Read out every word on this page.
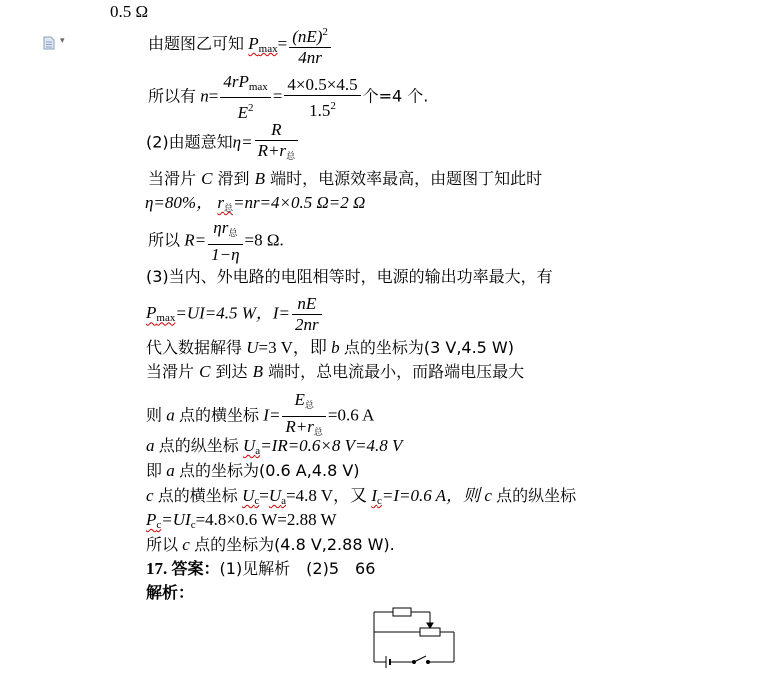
0.5 Ω
▾	由题图乙可知 $P_{max}= \frac{(nE)^2}{4nr}$
所以有 $n= \frac{4rP_{max}}{E^2} = \frac{4\times 0.5\times 4.5}{1.5^2}$ 个=4 个.
(2)由题意知$\eta= \frac{R}{R+r_总}$
当滑片 C 滑到 B 端时，电源效率最高，由题图丁知此时
η=80%， $r_总=nr=4\times 0.5$ Ω=2 Ω
所以 $R= \frac{\eta r_总}{1-\eta} =8$ Ω.
(3)当内、外电路的电阻相等时，电源的输出功率最大，有
$P_{max}=UI=4.5$ W，$I= \frac{nE}{2nr}$
代入数据解得 U=3 V，即 b 点的坐标为(3 V,4.5 W)
当滑片 C 到达 B 端时，总电流最小，而路端电压最大
则 a 点的横坐标 $I= \frac{E_总}{R+r_总} =0.6$ A
a 点的纵坐标 $U_a=IR=0.6\times 8$ V=4.8 V
即 a 点的坐标为(0.6 A,4.8 V)
c 点的横坐标 $U_c=U_a=4.8$ V，又 $I_c=I=0.6$ A，则 c 点的纵坐标
$P_c=UI_c=4.8\times 0.6$ W=2.88 W
所以 c 点的坐标为(4.8 V,2.88 W).
17. 答案：(1)见解析　(2)5　66
解析：
